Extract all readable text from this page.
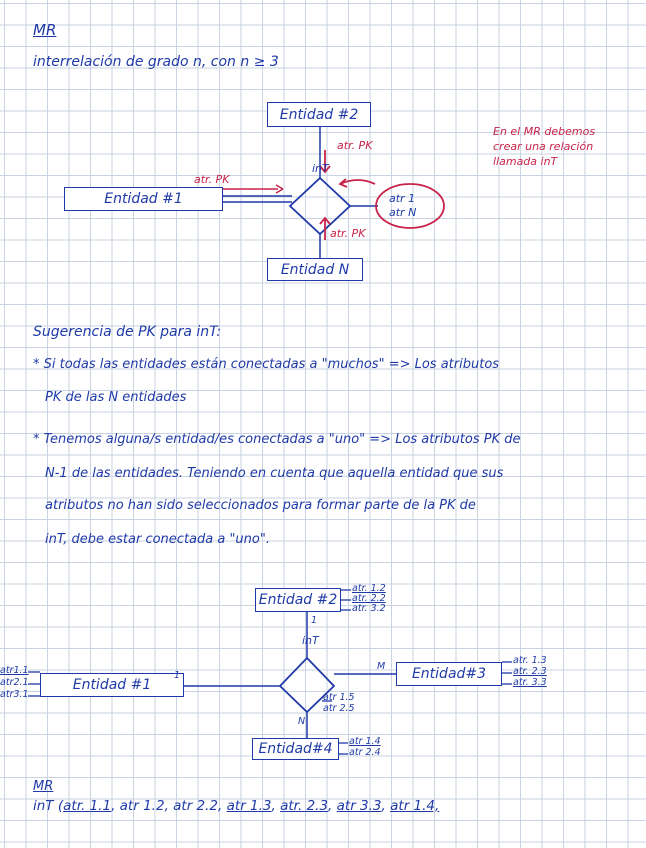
MR
interrelación de grado n, con n ≥ 3
Entidad #2
Entidad #1
Entidad N
inT
atr. PK
atr. PK
atr. PK
atr 1
atr N
En el MR debemos
crear una relación
llamada inT
Sugerencia de PK para inT:
* Si todas las entidades están conectadas a "muchos" => Los atributos
PK de las N entidades
* Tenemos alguna/s entidad/es conectadas a "uno" => Los atributos PK de
N-1 de las entidades. Teniendo en cuenta que aquella entidad que sus
atributos no han sido seleccionados para formar parte de la PK de
inT, debe estar conectada a "uno".
Entidad #2
Entidad #1
Entidad#3
Entidad#4
inT
1
1
M
N
atr. 1.2
atr. 2.2
atr. 3.2
atr1.1
atr2.1
atr3.1
atr. 1.3
atr. 2.3
atr. 3.3
atr 1.4
atr 2.4
atr 1.5
atr 2.5
MR
inT (atr. 1.1, atr 1.2, atr 2.2, atr 1.3, atr. 2.3, atr 3.3, atr 1.4,
